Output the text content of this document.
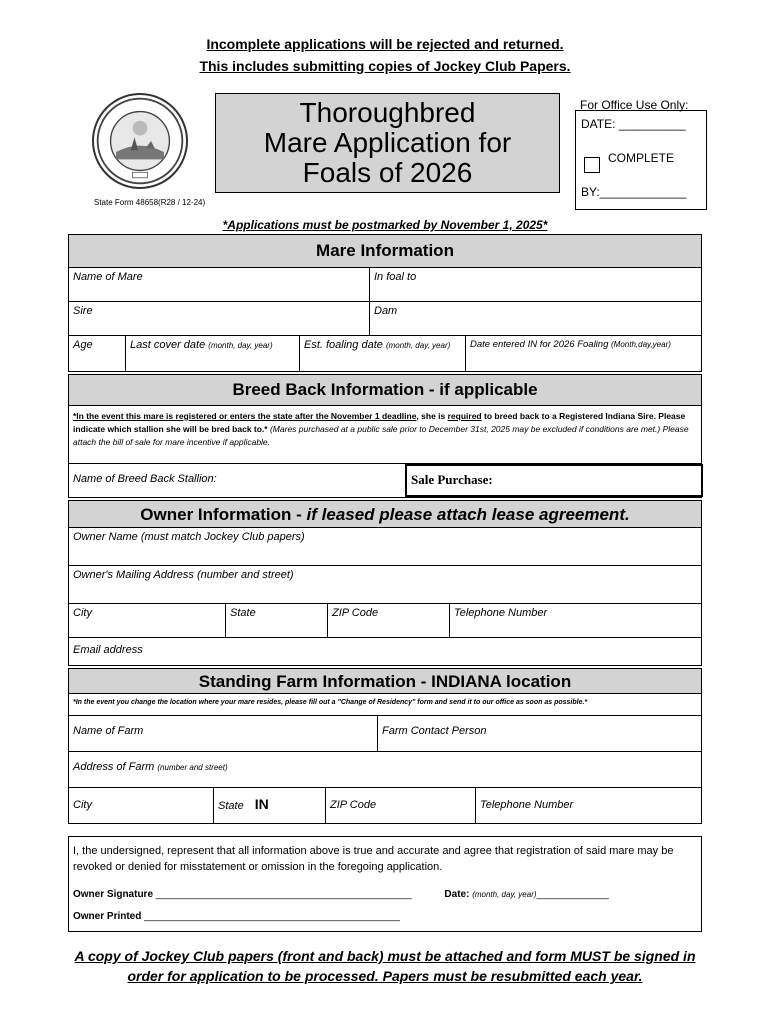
Incomplete applications will be rejected and returned.
This includes submitting copies of Jockey Club Papers.
State Form 48658(R28 / 12-24)
Thoroughbred
Mare Application for
Foals of 2026
For Office Use Only:
DATE: __________
COMPLETE
BY:_____________
*Applications must be postmarked by November 1, 2025*
Mare Information
Name of Mare	In foal to
Sire	Dam
Age	Last cover date (month, day, year)	Est. foaling date (month, day, year)	Date entered IN for 2026 Foaling (Month,day,year)
Breed Back Information - if applicable
*In the event this mare is registered or enters the state after the November 1 deadline, she is required to breed back to a Registered Indiana Sire. Please indicate which stallion she will be bred back to.* (Mares purchased at a public sale prior to December 31st, 2025 may be excluded if conditions are met.) Please attach the bill of sale for mare incentive if applicable.
Name of Breed Back Stallion:	Sale Purchase:
Owner Information - if leased please attach lease agreement.
Owner Name (must match Jockey Club papers)
Owner's Mailing Address (number and street)
City	State	ZIP Code	Telephone Number
Email address
Standing Farm Information - INDIANA location
*In the event you change the location where your mare resides, please fill out a "Change of Residency" form and send it to our office as soon as possible.*
Name of Farm	Farm Contact Person
Address of Farm (number and street)
City	State IN	ZIP Code	Telephone Number
I, the undersigned, represent that all information above is true and accurate and agree that registration of said mare may be revoked or denied for misstatement or omission in the foregoing application.
Owner Signature ______________________________________________	Date: (month, day, year)_____________
Owner Printed ______________________________________________
A copy of Jockey Club papers (front and back) must be attached and form MUST be signed in
order for application to be processed. Papers must be resubmitted each year.
